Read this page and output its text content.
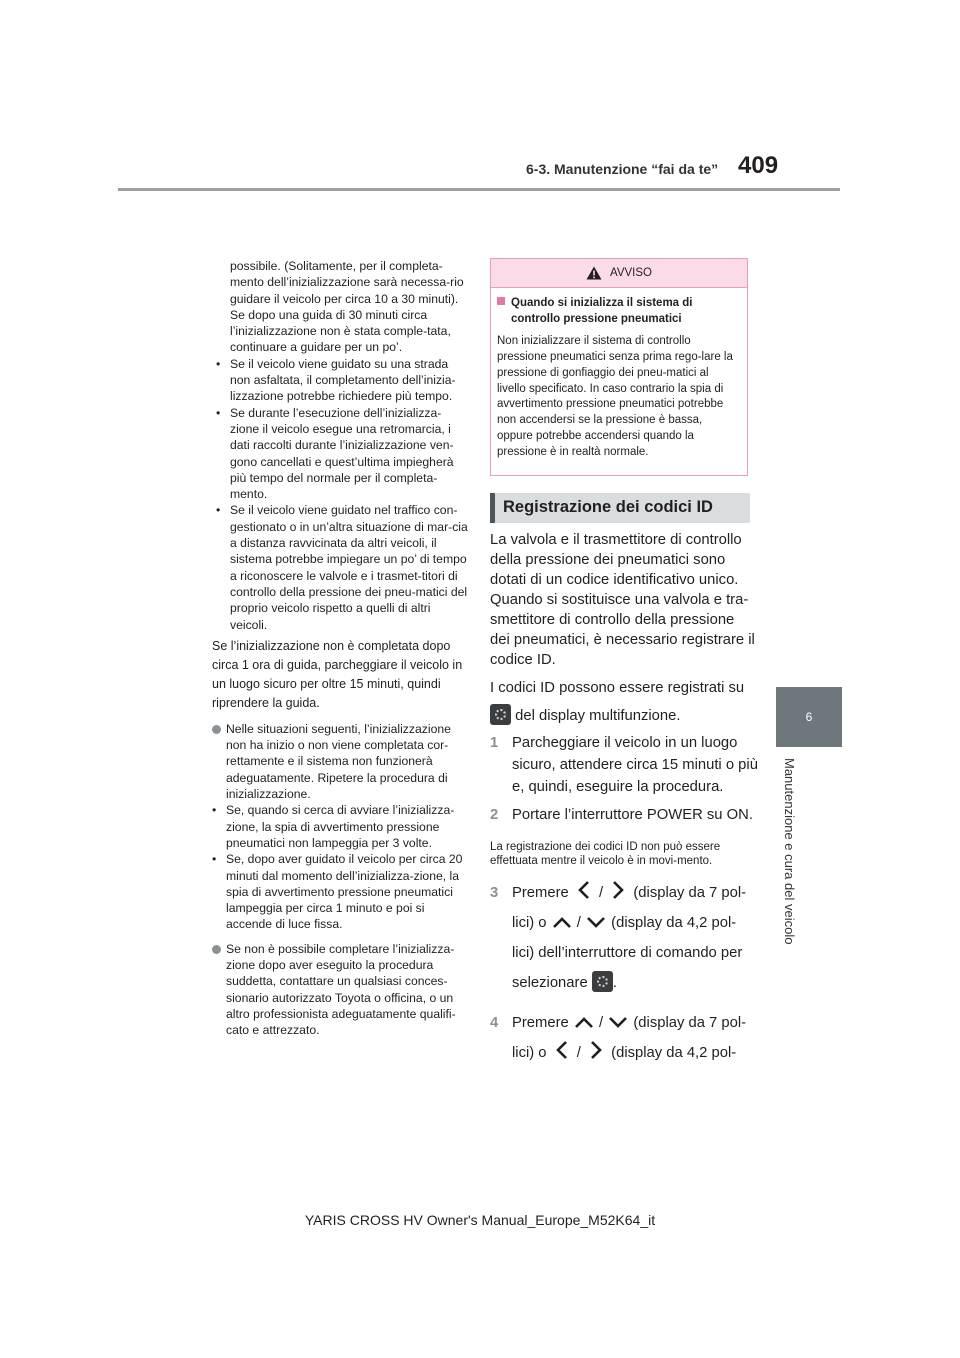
6-3. Manutenzione “fai da te” 409
6
Manutenzione e cura del veicolo

possibile. (Solitamente, per il completa-mento dell’inizializzazione sarà necessa-rio guidare il veicolo per circa 10 a 30 minuti). Se dopo una guida di 30 minuti circa l’inizializzazione non è stata comple-tata, continuare a guidare per un po’.

• Se il veicolo viene guidato su una strada non asfaltata, il completamento dell’inizia-lizzazione potrebbe richiedere più tempo.

• Se durante l’esecuzione dell’inizializza-zione il veicolo esegue una retromarcia, i dati raccolti durante l’inizializzazione ven-gono cancellati e quest’ultima impiegherà più tempo del normale per il completa-mento.

• Se il veicolo viene guidato nel traffico con-gestionato o in un’altra situazione di mar-cia a distanza ravvicinata da altri veicoli, il sistema potrebbe impiegare un po’ di tempo a riconoscere le valvole e i trasmet-titori di controllo della pressione dei pneu-matici del proprio veicolo rispetto a quelli di altri veicoli.

Se l’inizializzazione non è completata dopo circa 1 ora di guida, parcheggiare il veicolo in un luogo sicuro per oltre 15 minuti, quindi riprendere la guida.

Nelle situazioni seguenti, l’inizializzazione non ha inizio o non viene completata cor-rettamente e il sistema non funzionerà adeguatamente. Ripetere la procedura di inizializzazione.

• Se, quando si cerca di avviare l’inizializza-zione, la spia di avvertimento pressione pneumatici non lampeggia per 3 volte.

• Se, dopo aver guidato il veicolo per circa 20 minuti dal momento dell’inizializza-zione, la spia di avvertimento pressione pneumatici lampeggia per circa 1 minuto e poi si accende di luce fissa.

Se non è possibile completare l’inizializza-zione dopo aver eseguito la procedura suddetta, contattare un qualsiasi conces-sionario autorizzato Toyota o officina, o un altro professionista adeguatamente qualifi-cato e attrezzato.

AVVISO

Quando si inizializza il sistema di controllo pressione pneumatici

Non inizializzare il sistema di controllo pressione pneumatici senza prima rego-lare la pressione di gonfiaggio dei pneu-matici al livello specificato. In caso contrario la spia di avvertimento pressione pneumatici potrebbe non accendersi se la pressione è bassa, oppure potrebbe accendersi quando la pressione è in realtà normale.

Registrazione dei codici ID

La valvola e il trasmettitore di controllo della pressione dei pneumatici sono dotati di un codice identificativo unico. Quando si sostituisce una valvola e tra-smettitore di controllo della pressione dei pneumatici, è necessario registrare il codice ID.

I codici ID possono essere registrati su

del display multifunzione.

1 Parcheggiare il veicolo in un luogo sicuro, attendere circa 15 minuti o più e, quindi, eseguire la procedura.

2 Portare l’interruttore POWER su ON.

La registrazione dei codici ID non può essere effettuata mentre il veicolo è in movi-mento.

3 Premere / (display da 7 pol-lici) o / (display da 4,2 pol-lici) dell’interruttore di comando per selezionare .

4 Premere / (display da 7 pol-lici) o / (display da 4,2 pol-

YARIS CROSS HV Owner's Manual_Europe_M52K64_it
